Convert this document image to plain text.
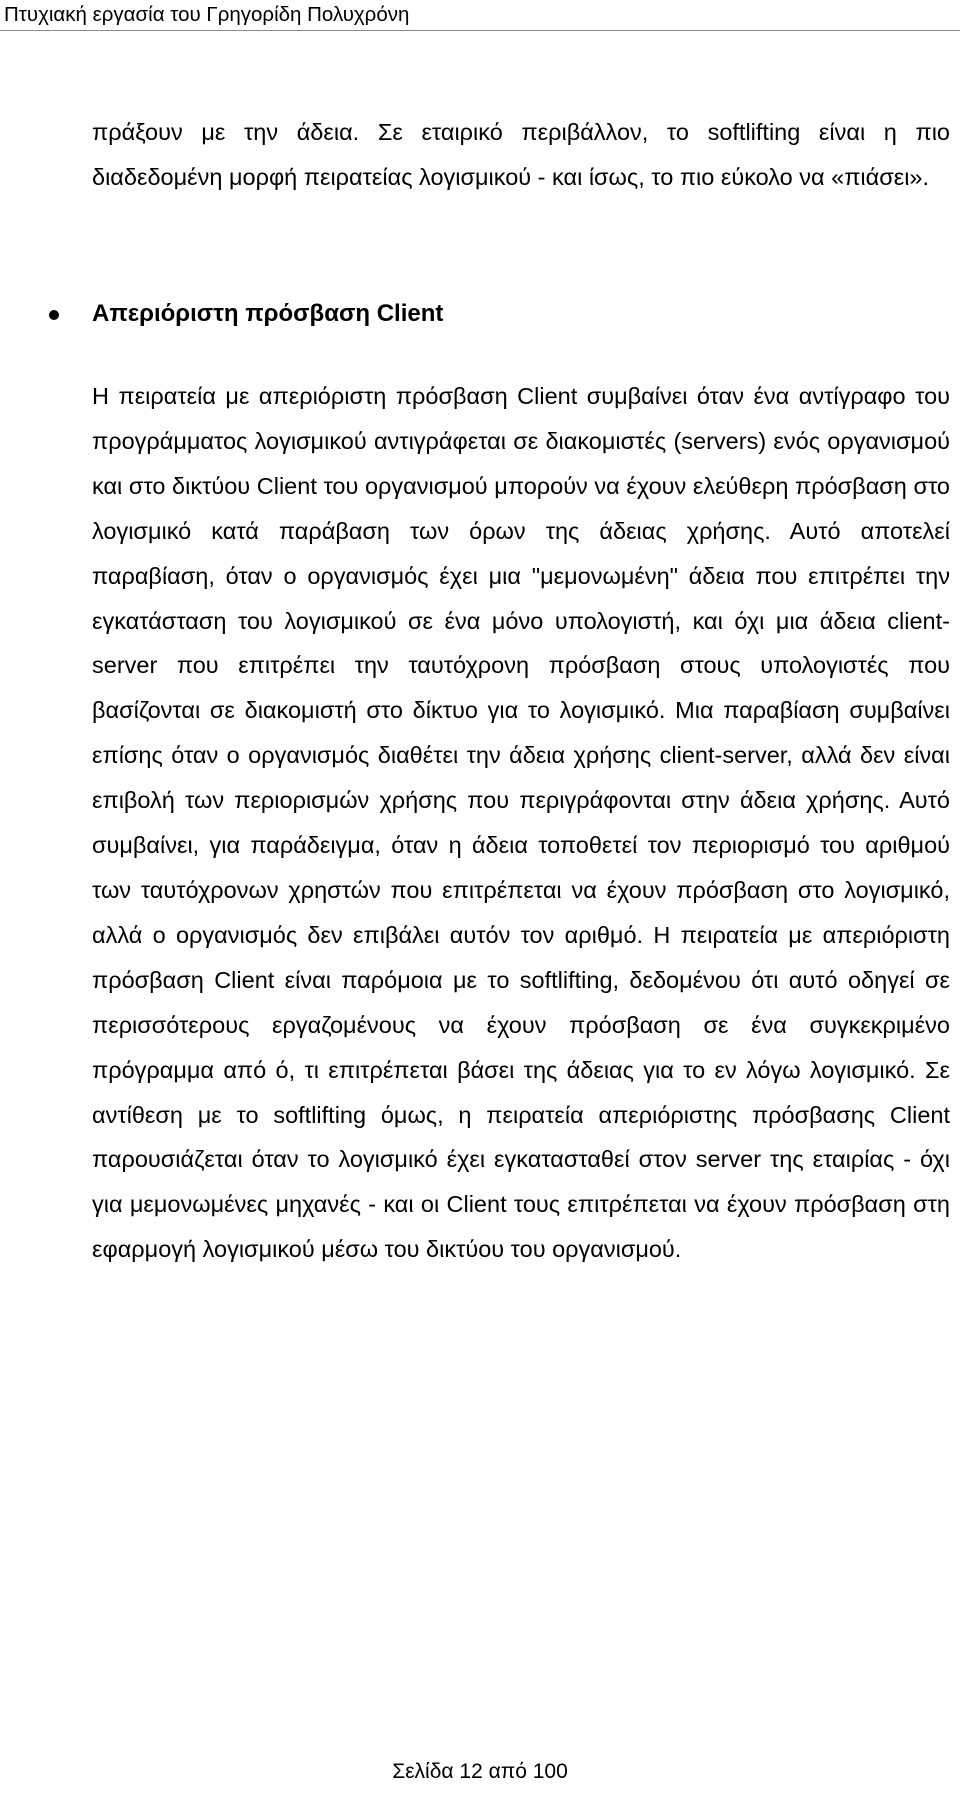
Πτυχιακή εργασία του Γρηγορίδη Πολυχρόνη

πράξουν με την άδεια. Σε εταιρικό περιβάλλον, το softlifting είναι η πιο διαδεδομένη μορφή πειρατείας λογισμικού - και ίσως, το πιο εύκολο να «πιάσει».

Απεριόριστη πρόσβαση Client

Η πειρατεία με απεριόριστη πρόσβαση Client συμβαίνει όταν ένα αντίγραφο του προγράμματος λογισμικού αντιγράφεται σε διακομιστές (servers) ενός οργανισμού και στο δικτύου Client του οργανισμού μπορούν να έχουν ελεύθερη πρόσβαση στο λογισμικό κατά παράβαση των όρων της άδειας χρήσης. Αυτό αποτελεί παραβίαση, όταν ο οργανισμός έχει μια "μεμονωμένη" άδεια που επιτρέπει την εγκατάσταση του λογισμικού σε ένα μόνο υπολογιστή, και όχι μια άδεια client-server που επιτρέπει την ταυτόχρονη πρόσβαση στους υπολογιστές που βασίζονται σε διακομιστή στο δίκτυο για το λογισμικό. Μια παραβίαση συμβαίνει επίσης όταν ο οργανισμός διαθέτει την άδεια χρήσης client-server, αλλά δεν είναι επιβολή των περιορισμών χρήσης που περιγράφονται στην άδεια χρήσης. Αυτό συμβαίνει, για παράδειγμα, όταν η άδεια τοποθετεί τον περιορισμό του αριθμού των ταυτόχρονων χρηστών που επιτρέπεται να έχουν πρόσβαση στο λογισμικό, αλλά ο οργανισμός δεν επιβάλει αυτόν τον αριθμό. Η πειρατεία με απεριόριστη πρόσβαση Client είναι παρόμοια με το softlifting, δεδομένου ότι αυτό οδηγεί σε περισσότερους εργαζομένους να έχουν πρόσβαση σε ένα συγκεκριμένο πρόγραμμα από ό, τι επιτρέπεται βάσει της άδειας για το εν λόγω λογισμικό. Σε αντίθεση με το softlifting όμως, η πειρατεία απεριόριστης πρόσβασης Client παρουσιάζεται όταν το λογισμικό έχει εγκατασταθεί στον server της εταιρίας - όχι για μεμονωμένες μηχανές - και οι Client τους επιτρέπεται να έχουν πρόσβαση στη εφαρμογή λογισμικού μέσω του δικτύου του οργανισμού.

Σελίδα 12 από 100
